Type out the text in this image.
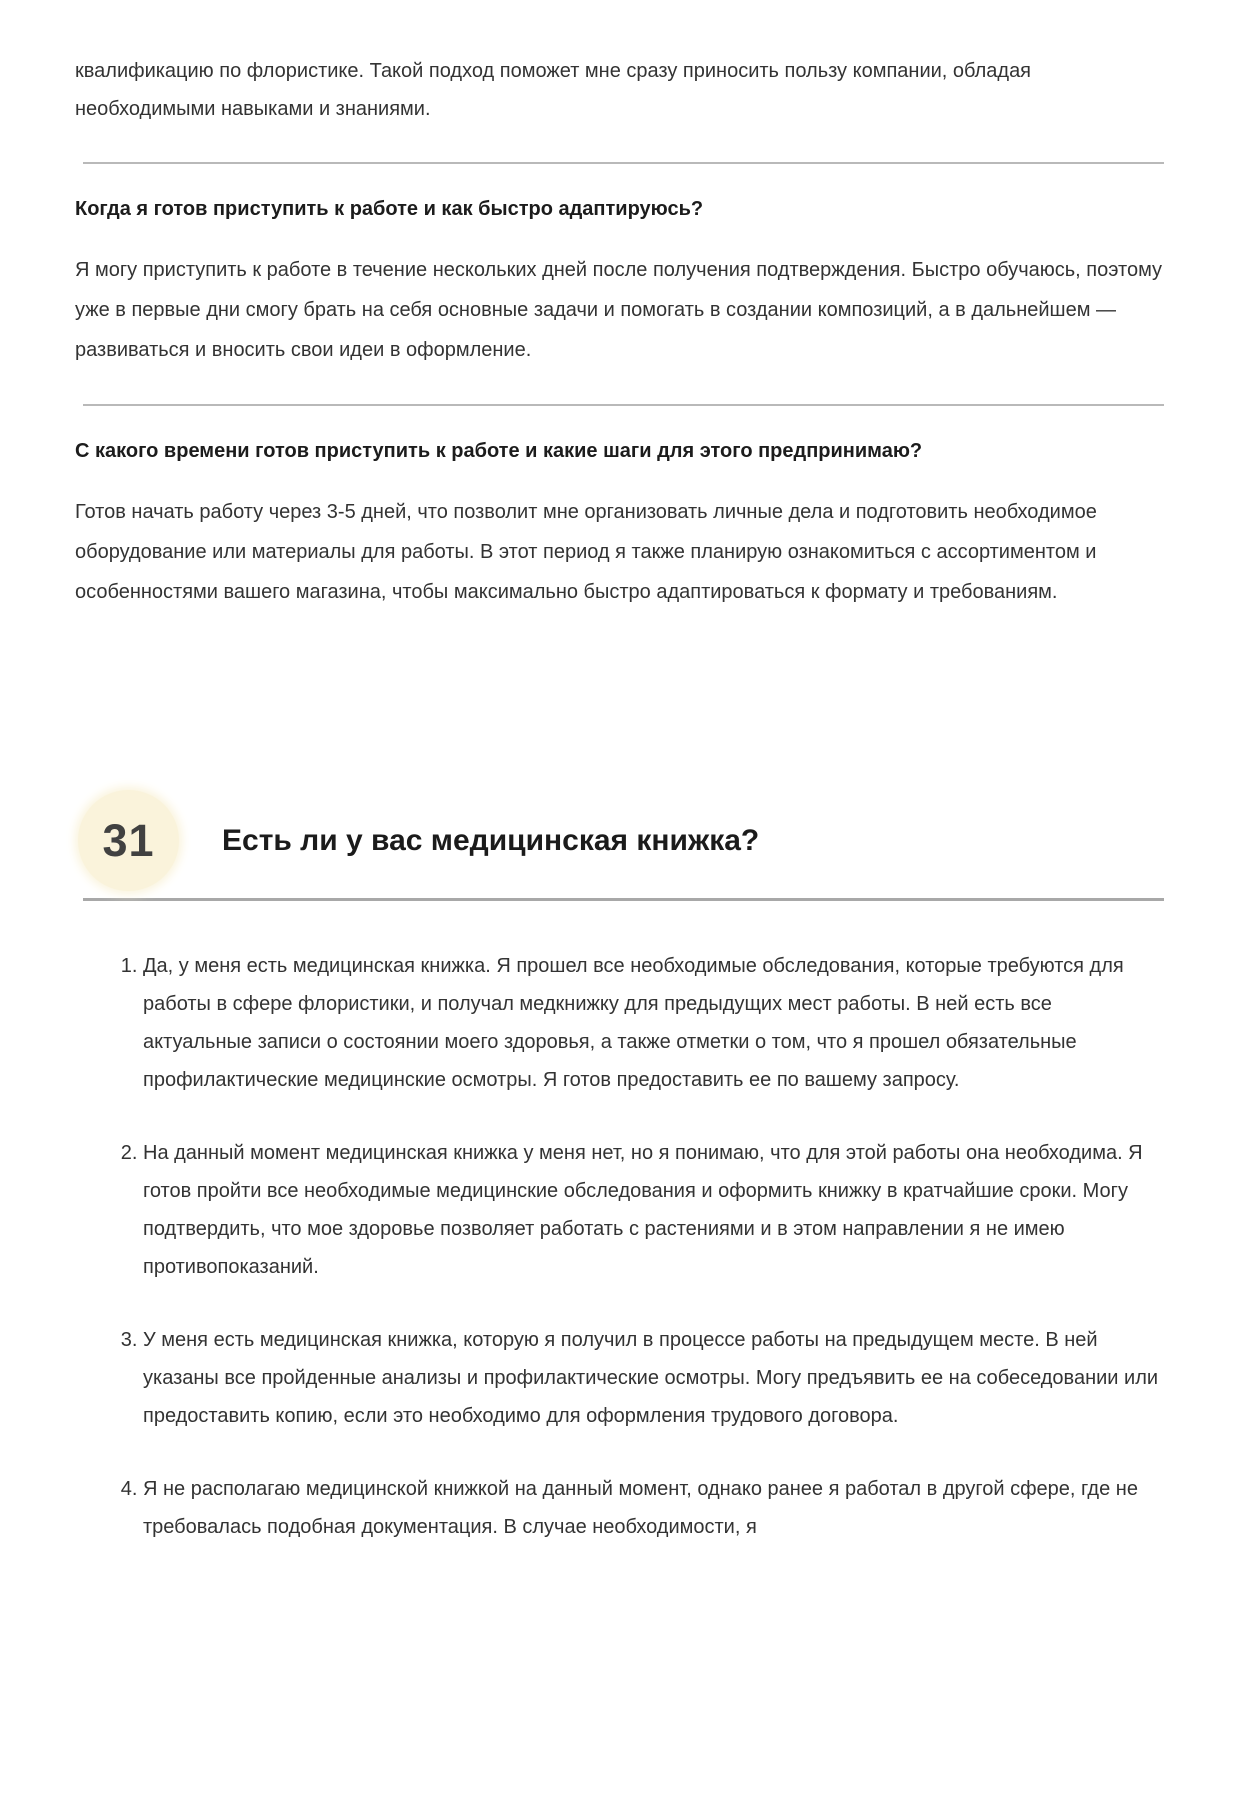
квалификацию по флористике. Такой подход поможет мне сразу приносить пользу компании, обладая необходимыми навыками и знаниями.

Когда я готов приступить к работе и как быстро адаптируюсь?

Я могу приступить к работе в течение нескольких дней после получения подтверждения. Быстро обучаюсь, поэтому уже в первые дни смогу брать на себя основные задачи и помогать в создании композиций, а в дальнейшем — развиваться и вносить свои идеи в оформление.

С какого времени готов приступить к работе и какие шаги для этого предпринимаю?

Готов начать работу через 3-5 дней, что позволит мне организовать личные дела и подготовить необходимое оборудование или материалы для работы. В этот период я также планирую ознакомиться с ассортиментом и особенностями вашего магазина, чтобы максимально быстро адаптироваться к формату и требованиям.

31 Есть ли у вас медицинская книжка?
1. Да, у меня есть медицинская книжка. Я прошел все необходимые обследования, которые требуются для работы в сфере флористики, и получал медкнижку для предыдущих мест работы. В ней есть все актуальные записи о состоянии моего здоровья, а также отметки о том, что я прошел обязательные профилактические медицинские осмотры. Я готов предоставить ее по вашему запросу.
2. На данный момент медицинская книжка у меня нет, но я понимаю, что для этой работы она необходима. Я готов пройти все необходимые медицинские обследования и оформить книжку в кратчайшие сроки. Могу подтвердить, что мое здоровье позволяет работать с растениями и в этом направлении я не имею противопоказаний.
3. У меня есть медицинская книжка, которую я получил в процессе работы на предыдущем месте. В ней указаны все пройденные анализы и профилактические осмотры. Могу предъявить ее на собеседовании или предоставить копию, если это необходимо для оформления трудового договора.
4. Я не располагаю медицинской книжкой на данный момент, однако ранее я работал в другой сфере, где не требовалась подобная документация. В случае необходимости, я
